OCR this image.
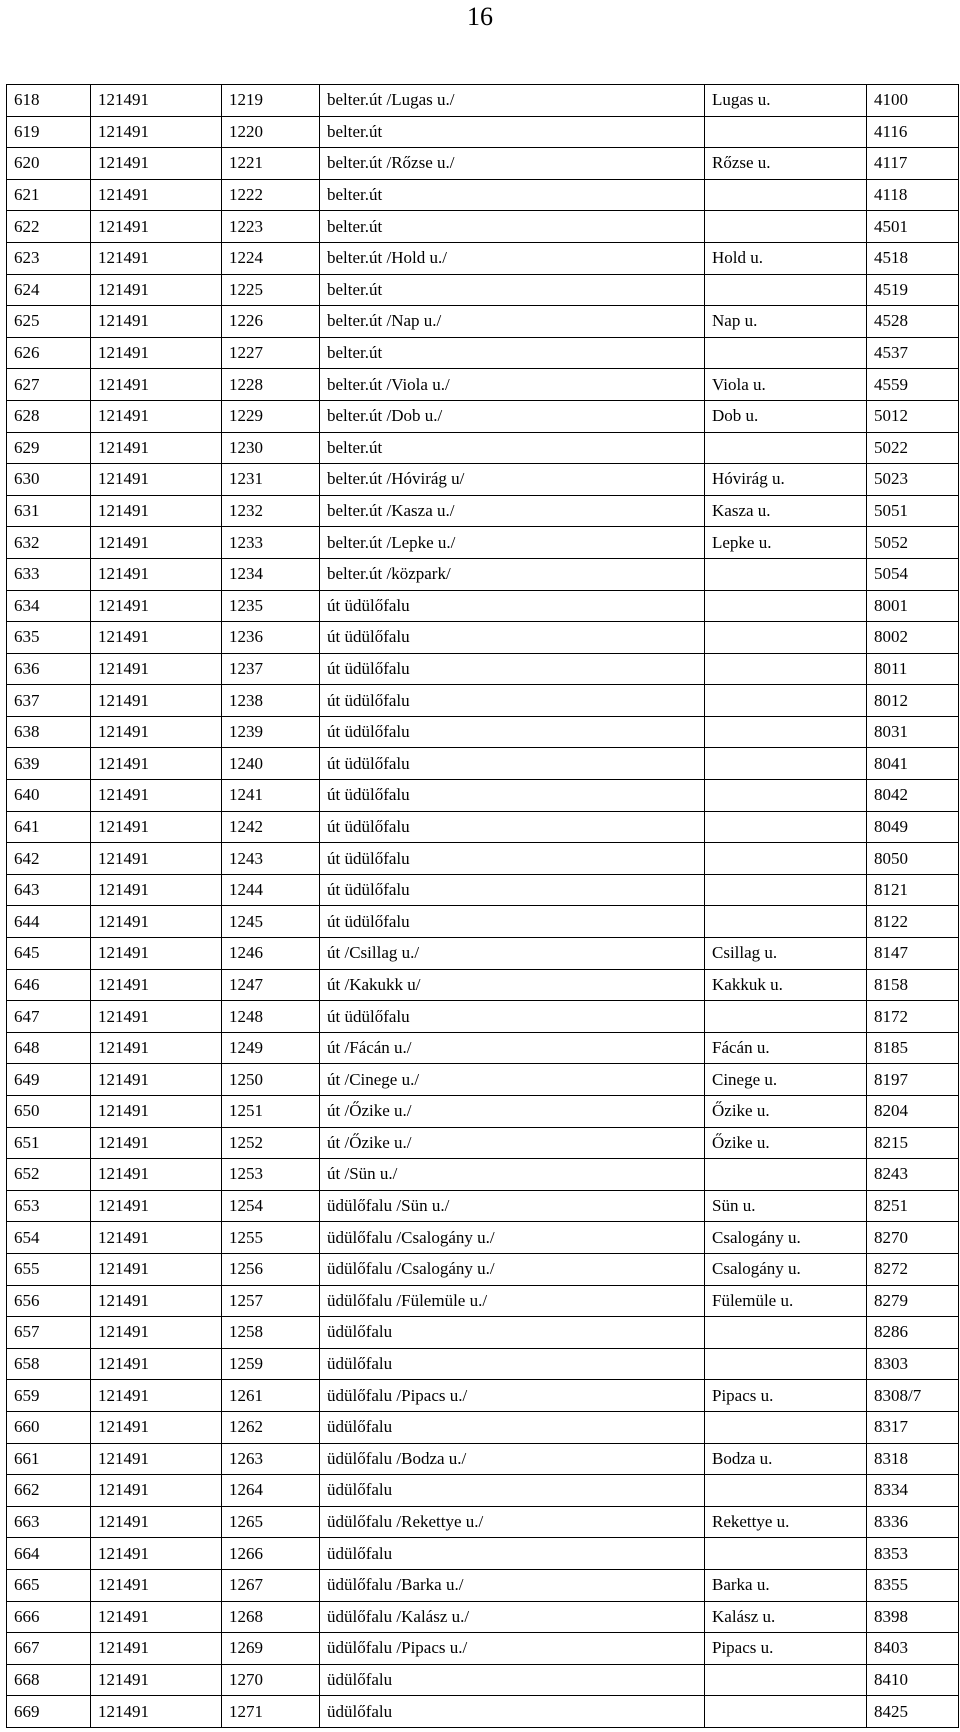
16
618	121491	1219	belter.út /Lugas u./	Lugas u.	4100
619	121491	1220	belter.út		4116
620	121491	1221	belter.út /Rőzse u./	Rőzse u.	4117
621	121491	1222	belter.út		4118
622	121491	1223	belter.út		4501
623	121491	1224	belter.út /Hold u./	Hold u.	4518
624	121491	1225	belter.út		4519
625	121491	1226	belter.út /Nap u./	Nap u.	4528
626	121491	1227	belter.út		4537
627	121491	1228	belter.út /Viola u./	Viola u.	4559
628	121491	1229	belter.út /Dob u./	Dob u.	5012
629	121491	1230	belter.út		5022
630	121491	1231	belter.út /Hóvirág u/	Hóvirág u.	5023
631	121491	1232	belter.út /Kasza u./	Kasza u.	5051
632	121491	1233	belter.út /Lepke u./	Lepke u.	5052
633	121491	1234	belter.út /közpark/		5054
634	121491	1235	út üdülőfalu		8001
635	121491	1236	út üdülőfalu		8002
636	121491	1237	út üdülőfalu		8011
637	121491	1238	út üdülőfalu		8012
638	121491	1239	út üdülőfalu		8031
639	121491	1240	út üdülőfalu		8041
640	121491	1241	út üdülőfalu		8042
641	121491	1242	út üdülőfalu		8049
642	121491	1243	út üdülőfalu		8050
643	121491	1244	út üdülőfalu		8121
644	121491	1245	út üdülőfalu		8122
645	121491	1246	út /Csillag u./	Csillag u.	8147
646	121491	1247	út /Kakukk u/	Kakkuk u.	8158
647	121491	1248	út üdülőfalu		8172
648	121491	1249	út /Fácán u./	Fácán u.	8185
649	121491	1250	út /Cinege u./	Cinege u.	8197
650	121491	1251	út /Őzike u./	Őzike u.	8204
651	121491	1252	út /Őzike u./	Őzike u.	8215
652	121491	1253	út /Sün u./		8243
653	121491	1254	üdülőfalu /Sün u./	Sün u.	8251
654	121491	1255	üdülőfalu /Csalogány u./	Csalogány u.	8270
655	121491	1256	üdülőfalu /Csalogány u./	Csalogány u.	8272
656	121491	1257	üdülőfalu /Fülemüle u./	Fülemüle u.	8279
657	121491	1258	üdülőfalu		8286
658	121491	1259	üdülőfalu		8303
659	121491	1261	üdülőfalu /Pipacs u./	Pipacs u.	8308/7
660	121491	1262	üdülőfalu		8317
661	121491	1263	üdülőfalu /Bodza u./	Bodza u.	8318
662	121491	1264	üdülőfalu		8334
663	121491	1265	üdülőfalu /Rekettye u./	Rekettye u.	8336
664	121491	1266	üdülőfalu		8353
665	121491	1267	üdülőfalu /Barka u./	Barka u.	8355
666	121491	1268	üdülőfalu /Kalász u./	Kalász u.	8398
667	121491	1269	üdülőfalu /Pipacs u./	Pipacs u.	8403
668	121491	1270	üdülőfalu		8410
669	121491	1271	üdülőfalu		8425
